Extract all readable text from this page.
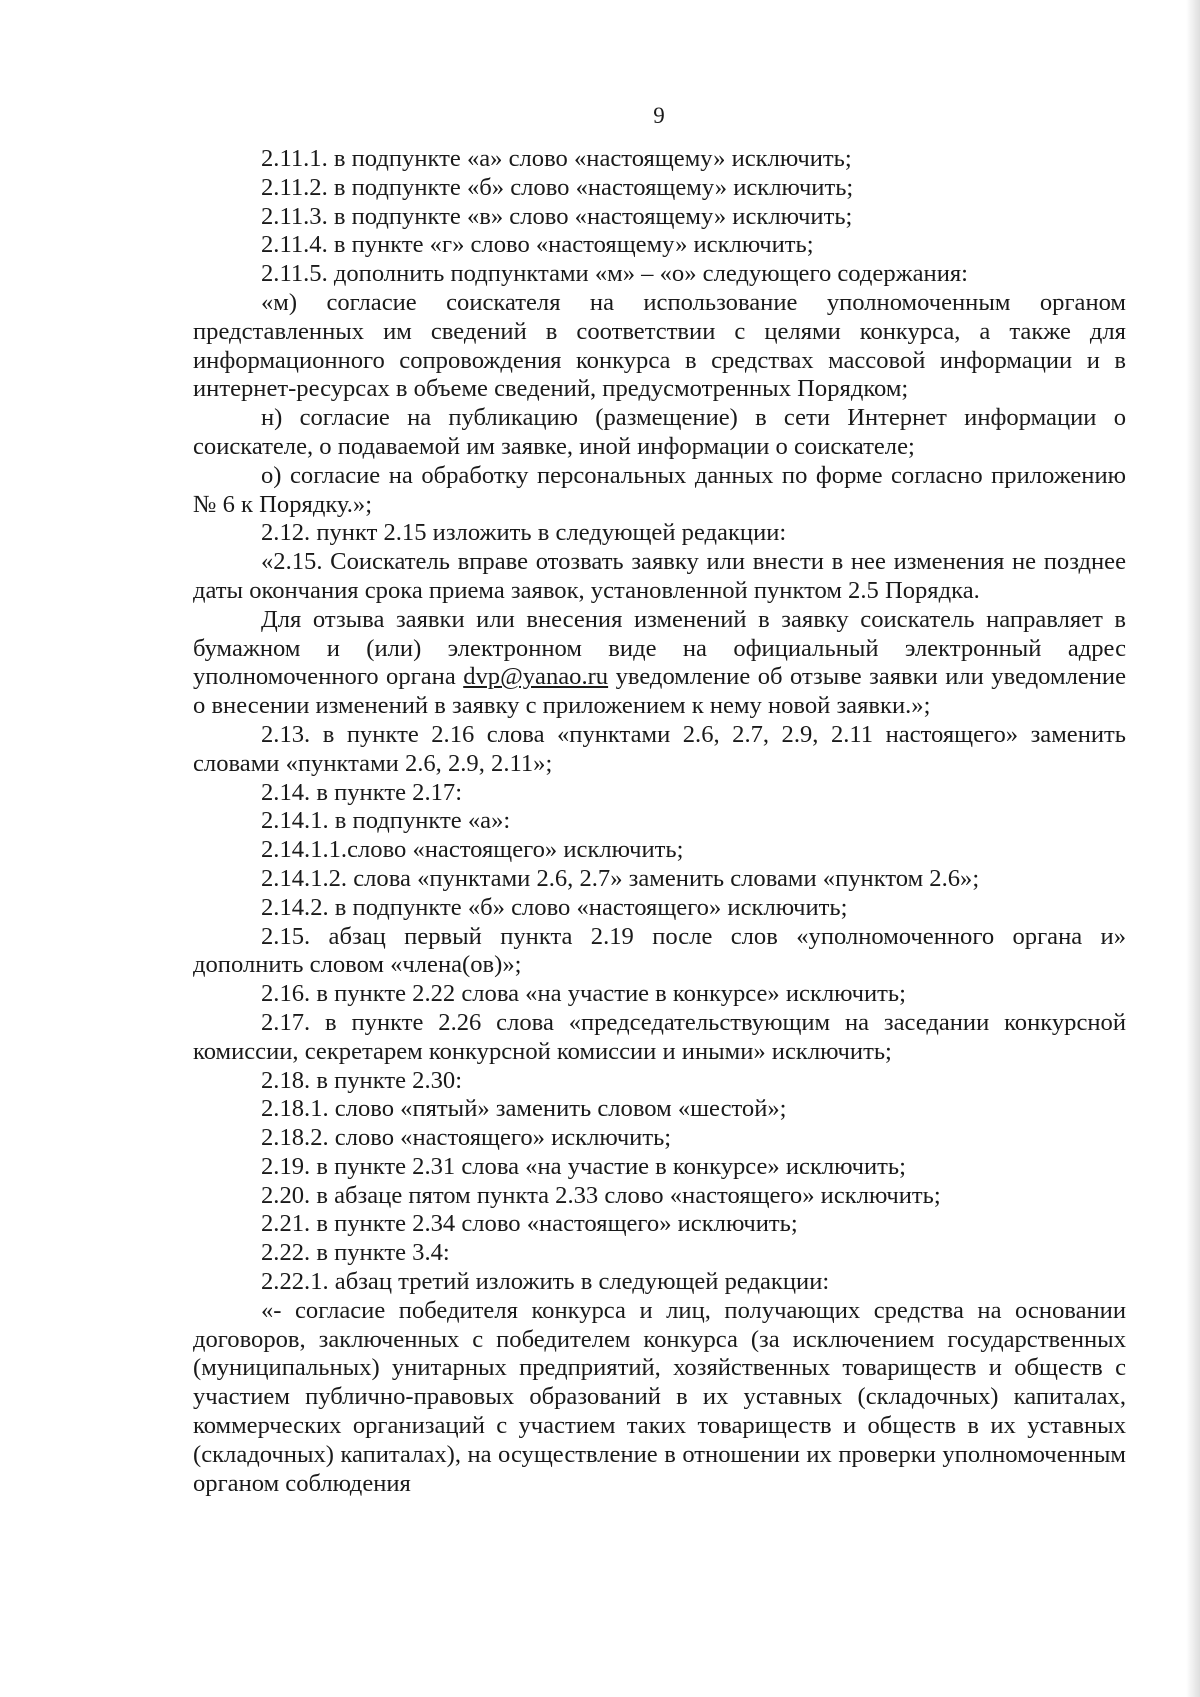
9

2.11.1. в подпункте «а» слово «настоящему» исключить;

2.11.2. в подпункте «б» слово «настоящему» исключить;

2.11.3. в подпункте «в» слово «настоящему» исключить;

2.11.4. в пункте «г» слово «настоящему» исключить;

2.11.5. дополнить подпунктами «м» – «о» следующего содержания:

«м) согласие соискателя на использование уполномоченным органом представленных им сведений в соответствии с целями конкурса, а также для информационного сопровождения конкурса в средствах массовой информации и в интернет-ресурсах в объеме сведений, предусмотренных Порядком;

н) согласие на публикацию (размещение) в сети Интернет информации о соискателе, о подаваемой им заявке, иной информации о соискателе;

о) согласие на обработку персональных данных по форме согласно приложению № 6 к Порядку.»;

2.12. пункт 2.15 изложить в следующей редакции:

«2.15. Соискатель вправе отозвать заявку или внести в нее изменения не позднее даты окончания срока приема заявок, установленной пунктом 2.5 Порядка.

Для отзыва заявки или внесения изменений в заявку соискатель направляет в бумажном и (или) электронном виде на официальный электронный адрес уполномоченного органа dvp@yanao.ru уведомление об отзыве заявки или уведомление о внесении изменений в заявку с приложением к нему новой заявки.»;

2.13. в пункте 2.16 слова «пунктами 2.6, 2.7, 2.9, 2.11 настоящего» заменить словами «пунктами 2.6, 2.9, 2.11»;

2.14. в пункте 2.17:

2.14.1. в подпункте «а»:

2.14.1.1.слово «настоящего» исключить;

2.14.1.2. слова «пунктами 2.6, 2.7» заменить словами «пунктом 2.6»;

2.14.2. в подпункте «б» слово «настоящего» исключить;

2.15. абзац первый пункта 2.19 после слов «уполномоченного органа и» дополнить словом «члена(ов)»;

2.16. в пункте 2.22 слова «на участие в конкурсе» исключить;

2.17. в пункте 2.26 слова «председательствующим на заседании конкурсной комиссии, секретарем конкурсной комиссии и иными» исключить;

2.18. в пункте 2.30:

2.18.1. слово «пятый» заменить словом «шестой»;

2.18.2. слово «настоящего» исключить;

2.19. в пункте 2.31 слова «на участие в конкурсе» исключить;

2.20. в абзаце пятом пункта 2.33 слово «настоящего» исключить;

2.21. в пункте 2.34 слово «настоящего» исключить;

2.22. в пункте 3.4:

2.22.1. абзац третий изложить в следующей редакции:

«- согласие победителя конкурса и лиц, получающих средства на основании договоров, заключенных с победителем конкурса (за исключением государственных (муниципальных) унитарных предприятий, хозяйственных товариществ и обществ с участием публично-правовых образований в их уставных (складочных) капиталах, коммерческих организаций с участием таких товариществ и обществ в их уставных (складочных) капиталах), на осуществление в отношении их проверки уполномоченным органом соблюдения
